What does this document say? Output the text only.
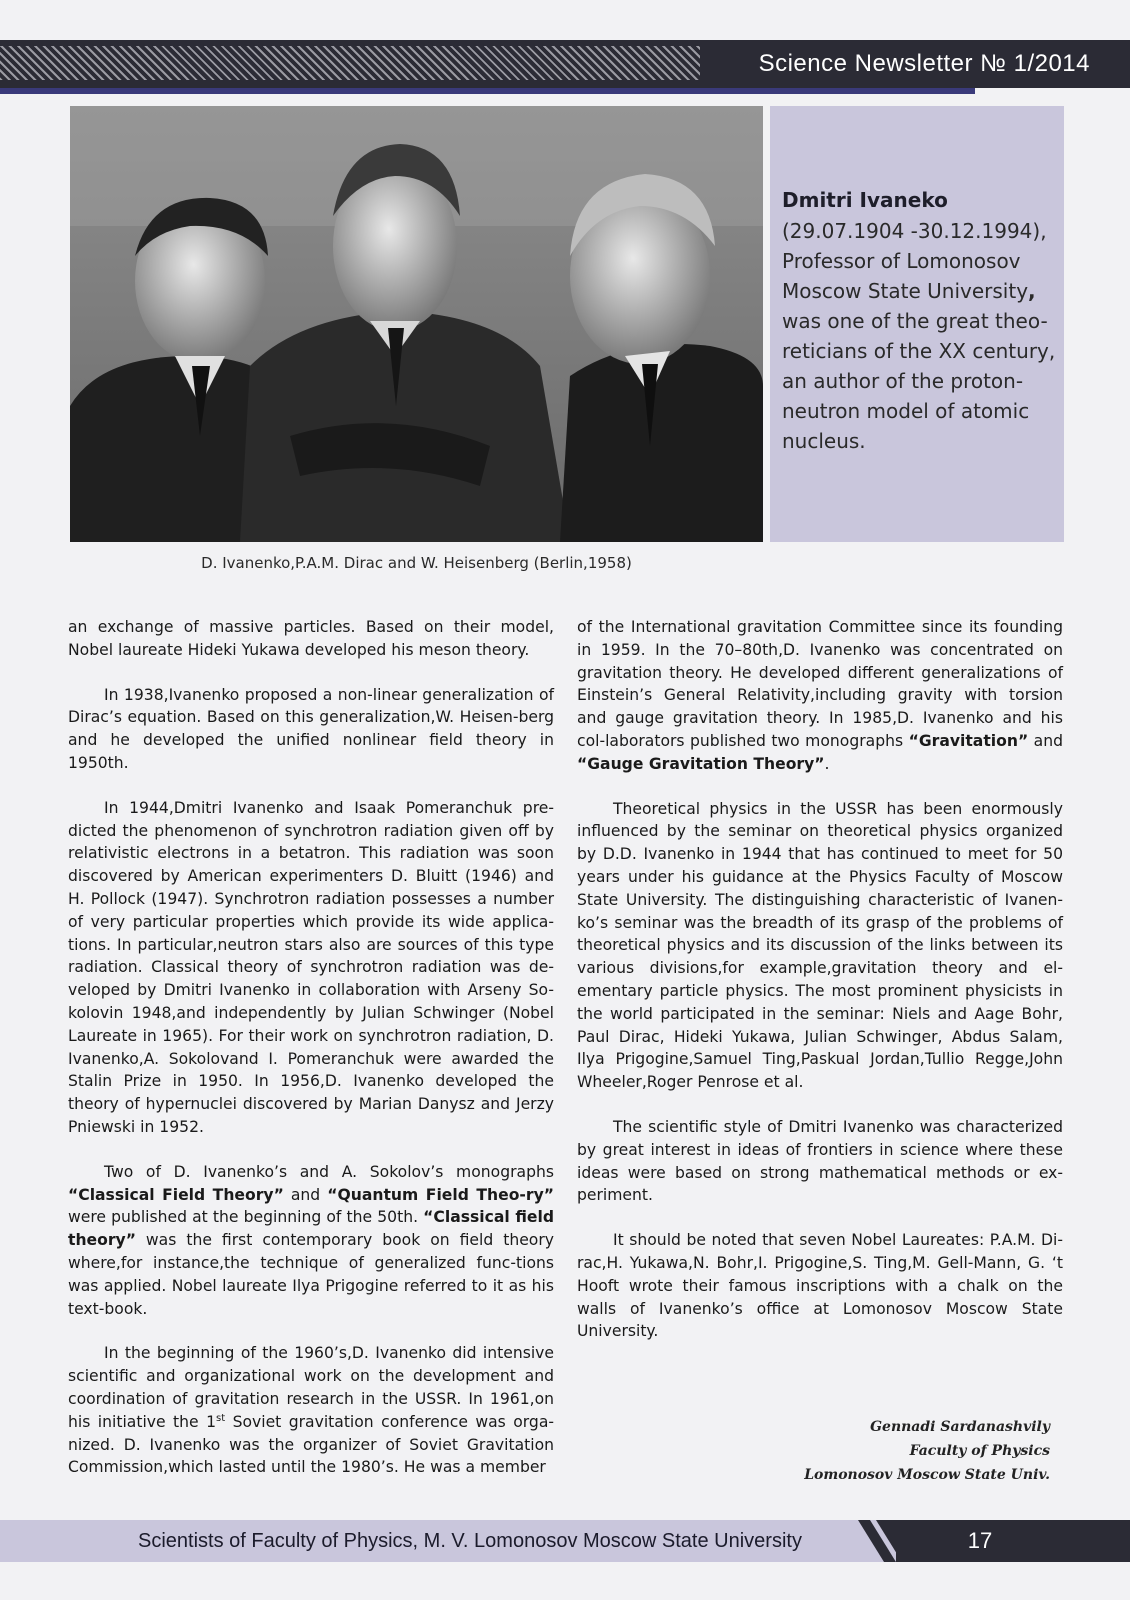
Science Newsletter № 1/2014
Dmitri Ivaneko
(29.07.1904 -30.12.1994),
Professor of Lomonosov
Moscow State University,
was one of the great theo-reticians of the XX century, an author of the proton-neutron model of atomic nucleus.
D. Ivanenko,P.A.M. Dirac and W. Heisenberg (Berlin,1958)

an exchange of massive particles. Based on their model, Nobel laureate Hideki Yukawa developed his meson theory.

In 1938,Ivanenko proposed a non-linear generalization of Dirac’s equation. Based on this generalization,W. Heisen-berg and he developed the unified nonlinear field theory in 1950th.

In 1944,Dmitri Ivanenko and Isaak Pomeranchuk pre-dicted the phenomenon of synchrotron radiation given off by relativistic electrons in a betatron. This radiation was soon discovered by American experimenters D. Bluitt (1946) and H. Pollock (1947). Synchrotron radiation possesses a number of very particular properties which provide its wide applica-tions. In particular,neutron stars also are sources of this type radiation. Classical theory of synchrotron radiation was de-veloped by Dmitri Ivanenko in collaboration with Arseny So-kolovin 1948,and independently by Julian Schwinger (Nobel Laureate in 1965). For their work on synchrotron radiation, D. Ivanenko,A. Sokolovand I. Pomeranchuk were awarded the Stalin Prize in 1950. In 1956,D. Ivanenko developed the theory of hypernuclei discovered by Marian Danysz and Jerzy Pniewski in 1952.

Two of D. Ivanenko’s and A. Sokolov’s monographs “Classical Field Theory” and “Quantum Field Theo-ry” were published at the beginning of the 50th. “Classical field theory” was the first contemporary book on field theory where,for instance,the technique of generalized func-tions was applied. Nobel laureate Ilya Prigogine referred to it as his text-book.

In the beginning of the 1960’s,D. Ivanenko did intensive scientific and organizational work on the development and coordination of gravitation research in the USSR. In 1961,on his initiative the 1st Soviet gravitation conference was orga-nized. D. Ivanenko was the organizer of Soviet Gravitation Commission,which lasted until the 1980’s. He was a member

of the International gravitation Committee since its founding in 1959. In the 70–80th,D. Ivanenko was concentrated on gravitation theory. He developed different generalizations of Einstein’s General Relativity,including gravity with torsion and gauge gravitation theory. In 1985,D. Ivanenko and his col-laborators published two monographs “Gravitation” and “Gauge Gravitation Theory”.

Theoretical physics in the USSR has been enormously influenced by the seminar on theoretical physics organized by D.D. Ivanenko in 1944 that has continued to meet for 50 years under his guidance at the Physics Faculty of Moscow State University. The distinguishing characteristic of Ivanen-ko’s seminar was the breadth of its grasp of the problems of theoretical physics and its discussion of the links between its various divisions,for example,gravitation theory and el-ementary particle physics. The most prominent physicists in the world participated in the seminar: Niels and Aage Bohr, Paul Dirac, Hideki Yukawa, Julian Schwinger, Abdus Salam, Ilya Prigogine,Samuel Ting,Paskual Jordan,Tullio Regge,John Wheeler,Roger Penrose et al.

The scientific style of Dmitri Ivanenko was characterized by great interest in ideas of frontiers in science where these ideas were based on strong mathematical methods or ex-periment.

It should be noted that seven Nobel Laureates: P.A.M. Di-rac,H. Yukawa,N. Bohr,I. Prigogine,S. Ting,M. Gell-Mann, G. ‘t Hooft wrote their famous inscriptions with a chalk on the walls of Ivanenko’s office at Lomonosov Moscow State University.

Gennadi Sardanashvily
Faculty of Physics
Lomonosov Moscow State Univ.
Scientists of Faculty of Physics, M. V. Lomonosov Moscow State University	17
